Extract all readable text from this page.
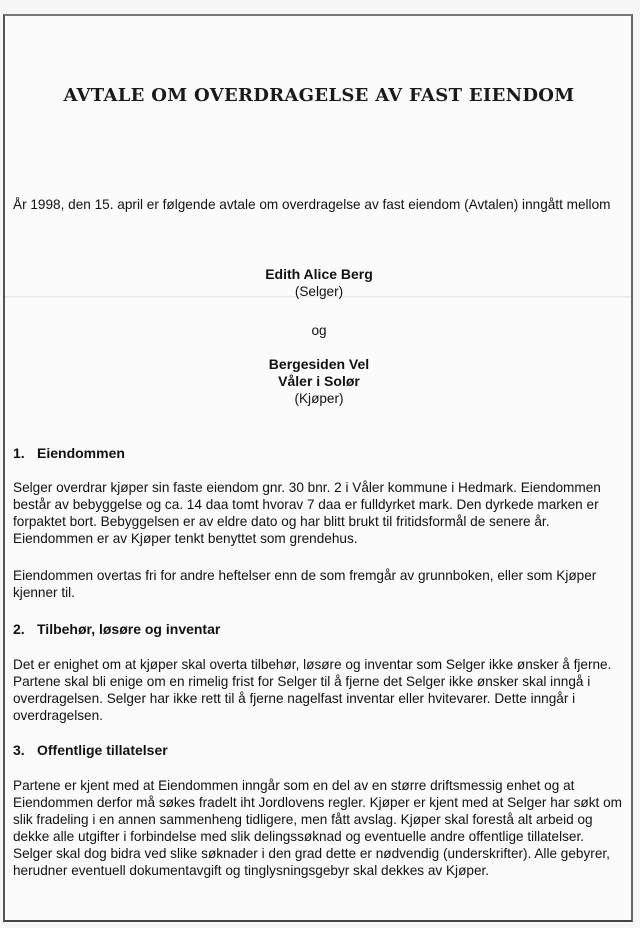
AVTALE OM OVERDRAGELSE AV FAST EIENDOM

År 1998, den 15. april er følgende avtale om overdragelse av fast eiendom (Avtalen) inngått mellom

Edith Alice Berg
(Selger)
og
Bergesiden Vel
Våler i Solør
(Kjøper)
1. Eiendommen

Selger overdrar kjøper sin faste eiendom gnr. 30 bnr. 2 i Våler kommune i Hedmark. Eiendommen består av bebyggelse og ca. 14 daa tomt hvorav 7 daa er fulldyrket mark. Den dyrkede marken er forpaktet bort. Bebyggelsen er av eldre dato og har blitt brukt til fritidsformål de senere år. Eiendommen er av Kjøper tenkt benyttet som grendehus.

Eiendommen overtas fri for andre heftelser enn de som fremgår av grunnboken, eller som Kjøper kjenner til.

2. Tilbehør, løsøre og inventar

Det er enighet om at kjøper skal overta tilbehør, løsøre og inventar som Selger ikke ønsker å fjerne. Partene skal bli enige om en rimelig frist for Selger til å fjerne det Selger ikke ønsker skal inngå i overdragelsen. Selger har ikke rett til å fjerne nagelfast inventar eller hvitevarer. Dette inngår i overdragelsen.

3. Offentlige tillatelser

Partene er kjent med at Eiendommen inngår som en del av en større driftsmessig enhet og at Eiendommen derfor må søkes fradelt iht Jordlovens regler. Kjøper er kjent med at Selger har søkt om slik fradeling i en annen sammenheng tidligere, men fått avslag. Kjøper skal forestå alt arbeid og dekke alle utgifter i forbindelse med slik delingssøknad og eventuelle andre offentlige tillatelser. Selger skal dog bidra ved slike søknader i den grad dette er nødvendig (underskrifter). Alle gebyrer, herudner eventuell dokumentavgift og tinglysningsgebyr skal dekkes av Kjøper.
